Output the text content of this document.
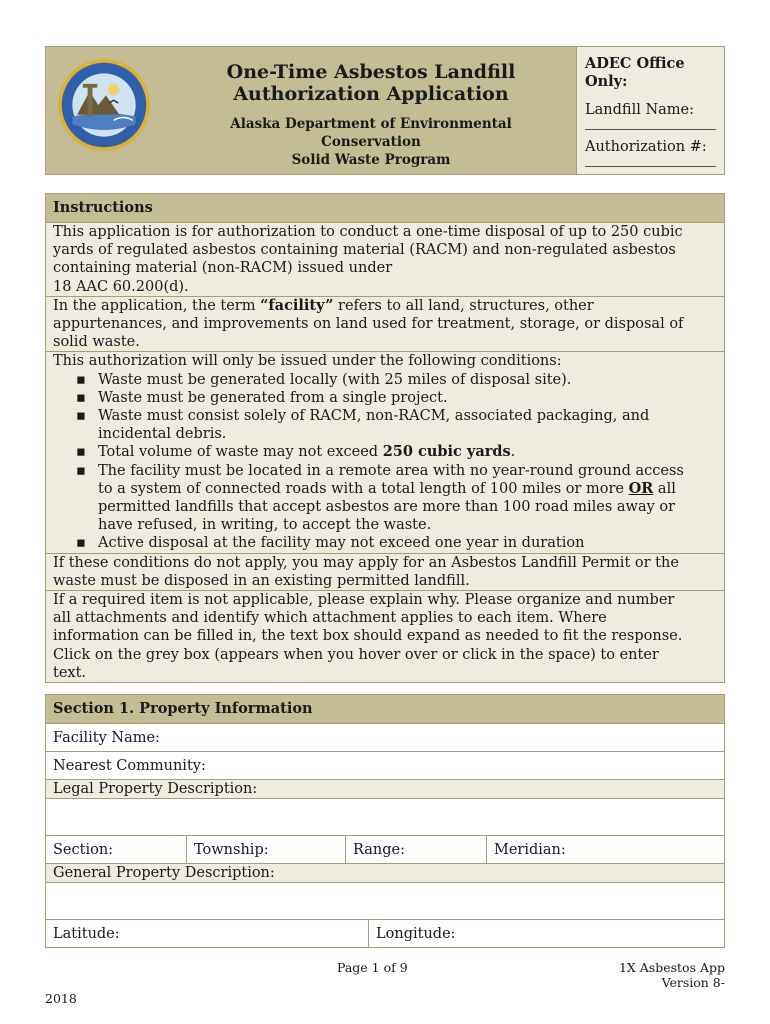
One-Time Asbestos Landfill
Authorization Application
Alaska Department of Environmental
Conservation
Solid Waste Program
ADEC Office
Only:
Landfill Name:
Authorization #:
Instructions
This application is for authorization to conduct a one-time disposal of up to 250 cubic
yards of regulated asbestos containing material (RACM) and non-regulated asbestos
containing material (non-RACM) issued under
18 AAC 60.200(d).
In the application, the term “facility” refers to all land, structures, other
appurtenances, and improvements on land used for treatment, storage, or disposal of
solid waste.
This authorization will only be issued under the following conditions:
▪ Waste must be generated locally (with 25 miles of disposal site).
▪ Waste must be generated from a single project.
▪ Waste must consist solely of RACM, non-RACM, associated packaging, and
incidental debris.
▪ Total volume of waste may not exceed 250 cubic yards.
▪ The facility must be located in a remote area with no year-round ground access
to a system of connected roads with a total length of 100 miles or more OR all
permitted landfills that accept asbestos are more than 100 road miles away or
have refused, in writing, to accept the waste.
▪ Active disposal at the facility may not exceed one year in duration
If these conditions do not apply, you may apply for an Asbestos Landfill Permit or the
waste must be disposed in an existing permitted landfill.
If a required item is not applicable, please explain why. Please organize and number
all attachments and identify which attachment applies to each item. Where
information can be filled in, the text box should expand as needed to fit the response.
Click on the grey box (appears when you hover over or click in the space) to enter
text.
Section 1. Property Information
Facility Name:
Nearest Community:
Legal Property Description:
Section:	Township:	Range:	Meridian:
General Property Description:
Latitude:	Longitude:
Page 1 of 9	1X Asbestos App
Version 8-
2018
